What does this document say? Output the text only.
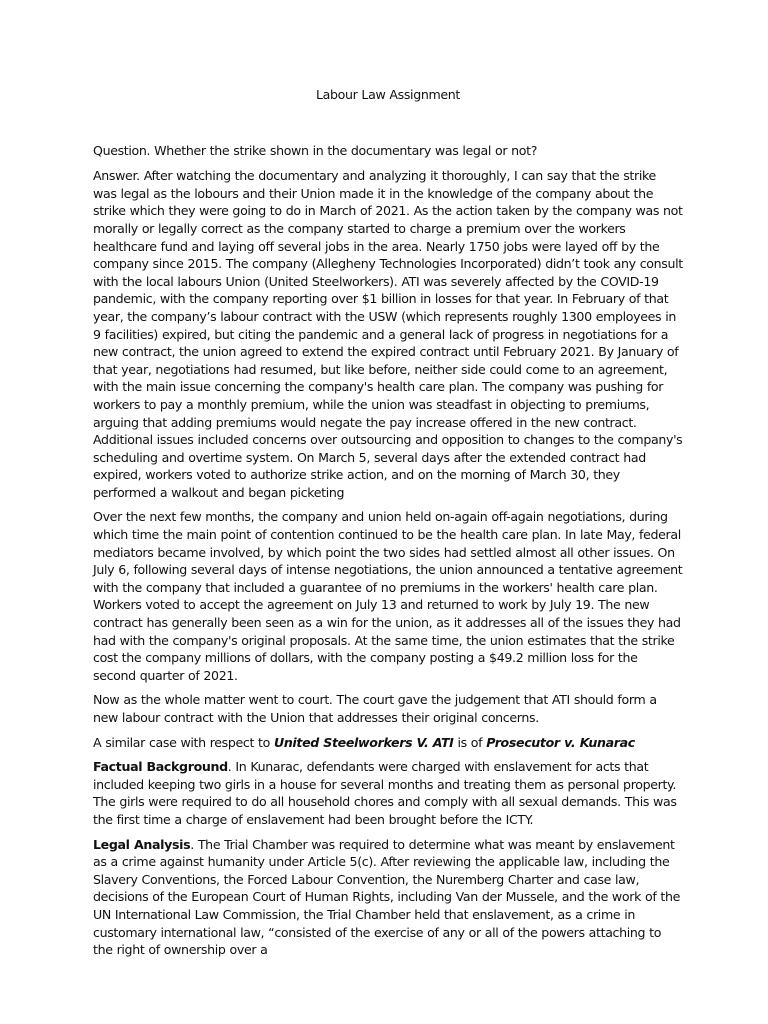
Labour Law Assignment

Question. Whether the strike shown in the documentary was legal or not?

Answer. After watching the documentary and analyzing it thoroughly, I can say that the strike was legal as the lobours and their Union made it in the knowledge of the company about the strike which they were going to do in March of 2021. As the action taken by the company was not morally or legally correct as the company started to charge a premium over the workers healthcare fund and laying off several jobs in the area. Nearly 1750 jobs were layed off by the company since 2015. The company (Allegheny Technologies Incorporated) didn’t took any consult with the local labours Union (United Steelworkers). ATI was severely affected by the COVID-19 pandemic, with the company reporting over $1 billion in losses for that year. In February of that year, the company’s labour contract with the USW (which represents roughly 1300 employees in 9 facilities) expired, but citing the pandemic and a general lack of progress in negotiations for a new contract, the union agreed to extend the expired contract until February 2021. By January of that year, negotiations had resumed, but like before, neither side could come to an agreement, with the main issue concerning the company's health care plan. The company was pushing for workers to pay a monthly premium, while the union was steadfast in objecting to premiums, arguing that adding premiums would negate the pay increase offered in the new contract. Additional issues included concerns over outsourcing and opposition to changes to the company's scheduling and overtime system. On March 5, several days after the extended contract had expired, workers voted to authorize strike action, and on the morning of March 30, they performed a walkout and began picketing

Over the next few months, the company and union held on-again off-again negotiations, during which time the main point of contention continued to be the health care plan. In late May, federal mediators became involved, by which point the two sides had settled almost all other issues. On July 6, following several days of intense negotiations, the union announced a tentative agreement with the company that included a guarantee of no premiums in the workers' health care plan. Workers voted to accept the agreement on July 13 and returned to work by July 19. The new contract has generally been seen as a win for the union, as it addresses all of the issues they had had with the company's original proposals. At the same time, the union estimates that the strike cost the company millions of dollars, with the company posting a $49.2 million loss for the second quarter of 2021.

Now as the whole matter went to court. The court gave the judgement that ATI should form a new labour contract with the Union that addresses their original concerns.

A similar case with respect to United Steelworkers V. ATI is of Prosecutor v. Kunarac

Factual Background. In Kunarac, defendants were charged with enslavement for acts that included keeping two girls in a house for several months and treating them as personal property. The girls were required to do all household chores and comply with all sexual demands. This was the first time a charge of enslavement had been brought before the ICTY.

Legal Analysis. The Trial Chamber was required to determine what was meant by enslavement as a crime against humanity under Article 5(c). After reviewing the applicable law, including the Slavery Conventions, the Forced Labour Convention, the Nuremberg Charter and case law, decisions of the European Court of Human Rights, including Van der Mussele, and the work of the UN International Law Commission, the Trial Chamber held that enslavement, as a crime in customary international law, “consisted of the exercise of any or all of the powers attaching to the right of ownership over a
